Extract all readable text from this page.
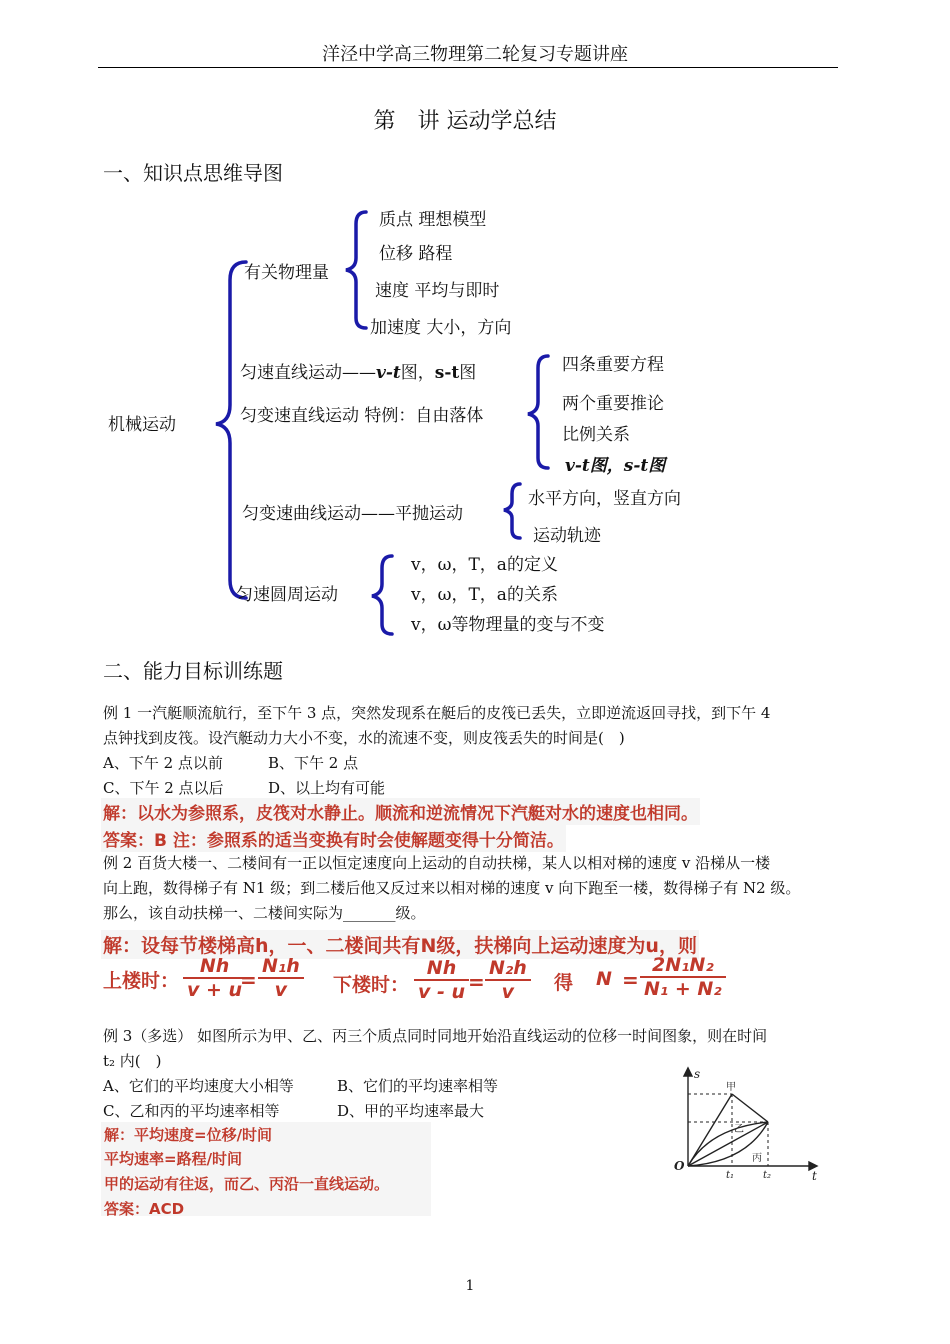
洋泾中学高三物理第二轮复习专题讲座
第　讲 运动学总结
一、知识点思维导图
机械运动
有关物理量
质点 理想模型
位移 路程
速度 平均与即时
加速度 大小，方向
匀速直线运动——v-t图，s-t图
匀变速直线运动 特例：自由落体
四条重要方程
两个重要推论
比例关系
v-t图，s-t图
匀变速曲线运动——平抛运动
水平方向，竖直方向
运动轨迹
匀速圆周运动
v，ω，T，a的定义
v，ω，T，a的关系
v，ω等物理量的变与不变
二、能力目标训练题
例 1 一汽艇顺流航行，至下午 3 点，突然发现系在艇后的皮筏已丢失，立即逆流返回寻找，到下午 4
点钟找到皮筏。设汽艇动力大小不变，水的流速不变，则皮筏丢失的时间是(　)
A、下午 2 点以前	B、下午 2 点
C、下午 2 点以后	D、以上均有可能
解：以水为参照系，皮筏对水静止。顺流和逆流情况下汽艇对水的速度也相同。
答案：B 注：参照系的适当变换有时会使解题变得十分简洁。
例 2 百货大楼一、二楼间有一正以恒定速度向上运动的自动扶梯，某人以相对梯的速度 v 沿梯从一楼
向上跑，数得梯子有 N1 级；到二楼后他又反过来以相对梯的速度 v 向下跑至一楼，数得梯子有 N2 级。
那么，该自动扶梯一、二楼间实际为_______级。
解：设每节楼梯高h，一、二楼间共有N级，扶梯向上运动速度为u，则
上楼时： $\frac{Nh}{v + u}$
= $\frac{\text{N₁h}}{v}$ 下楼时： $\frac{Nh}{v - u}$
= $\frac{\text{N₂h}}{v}$ 得 $N = \frac{\text{2N₁N₂}}{\text{N₁ + N₂}}$
例 3（多选） 如图所示为甲、乙、丙三个质点同时同地开始沿直线运动的位移一时间图象，则在时间
t₂ 内(　)
A、它们的平均速度大小相等	B、它们的平均速率相等
C、乙和丙的平均速率相等	D、甲的平均速率最大
解：平均速度=位移/时间
平均速率=路程/时间
甲的运动有往返，而乙、丙沿一直线运动。
答案：ACD
s
t
O
甲
乙
丙
t₁	t₂
1
